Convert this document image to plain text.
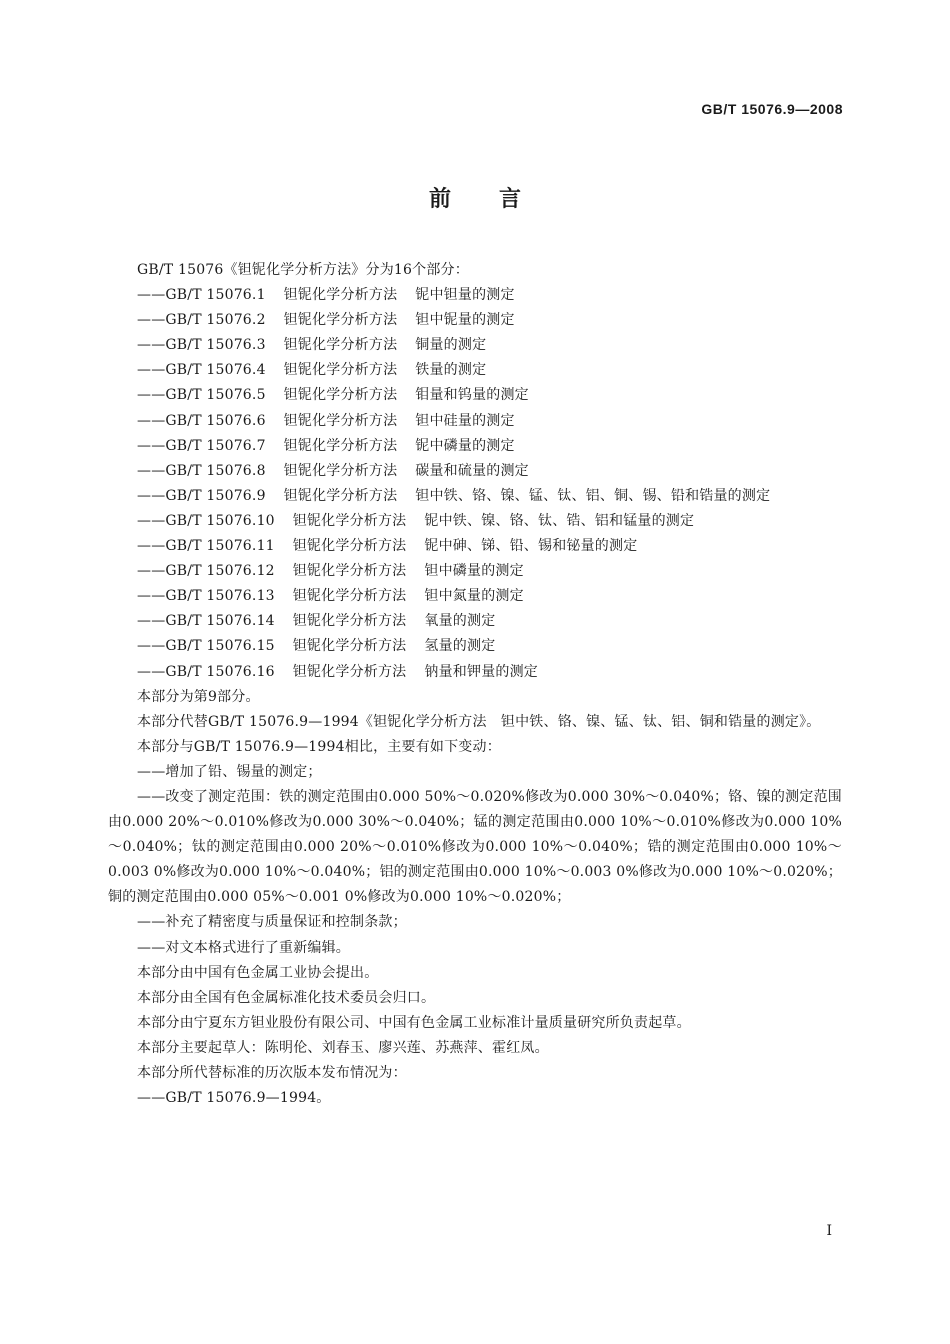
GB/T 15076.9—2008
前言
GB/T 15076《钽铌化学分析方法》分为16个部分：
——GB/T 15076.1 钽铌化学分析方法 铌中钽量的测定
——GB/T 15076.2 钽铌化学分析方法 钽中铌量的测定
——GB/T 15076.3 钽铌化学分析方法 铜量的测定
——GB/T 15076.4 钽铌化学分析方法 铁量的测定
——GB/T 15076.5 钽铌化学分析方法 钼量和钨量的测定
——GB/T 15076.6 钽铌化学分析方法 钽中硅量的测定
——GB/T 15076.7 钽铌化学分析方法 铌中磷量的测定
——GB/T 15076.8 钽铌化学分析方法 碳量和硫量的测定
——GB/T 15076.9 钽铌化学分析方法 钽中铁、铬、镍、锰、钛、铝、铜、锡、铅和锆量的测定
——GB/T 15076.10 钽铌化学分析方法 铌中铁、镍、铬、钛、锆、铝和锰量的测定
——GB/T 15076.11 钽铌化学分析方法 铌中砷、锑、铅、锡和铋量的测定
——GB/T 15076.12 钽铌化学分析方法 钽中磷量的测定
——GB/T 15076.13 钽铌化学分析方法 钽中氮量的测定
——GB/T 15076.14 钽铌化学分析方法 氧量的测定
——GB/T 15076.15 钽铌化学分析方法 氢量的测定
——GB/T 15076.16 钽铌化学分析方法 钠量和钾量的测定
本部分为第9部分。
本部分代替GB/T 15076.9—1994《钽铌化学分析方法　钽中铁、铬、镍、锰、钛、铝、铜和锆量的测定》。
本部分与GB/T 15076.9—1994相比，主要有如下变动：
——增加了铅、锡量的测定；
——改变了测定范围：铁的测定范围由0.000 50%～0.020%修改为0.000 30%～0.040%；铬、镍的测定范围由0.000 20%～0.010%修改为0.000 30%～0.040%；锰的测定范围由0.000 10%～0.010%修改为0.000 10%～0.040%；钛的测定范围由0.000 20%～0.010%修改为0.000 10%～0.040%；锆的测定范围由0.000 10%～0.003 0%修改为0.000 10%～0.040%；铝的测定范围由0.000 10%～0.003 0%修改为0.000 10%～0.020%；铜的测定范围由0.000 05%～0.001 0%修改为0.000 10%～0.020%；
——补充了精密度与质量保证和控制条款；
——对文本格式进行了重新编辑。
本部分由中国有色金属工业协会提出。
本部分由全国有色金属标准化技术委员会归口。
本部分由宁夏东方钽业股份有限公司、中国有色金属工业标准计量质量研究所负责起草。
本部分主要起草人：陈明伦、刘春玉、廖兴莲、苏燕萍、霍红凤。
本部分所代替标准的历次版本发布情况为：
——GB/T 15076.9—1994。
I
